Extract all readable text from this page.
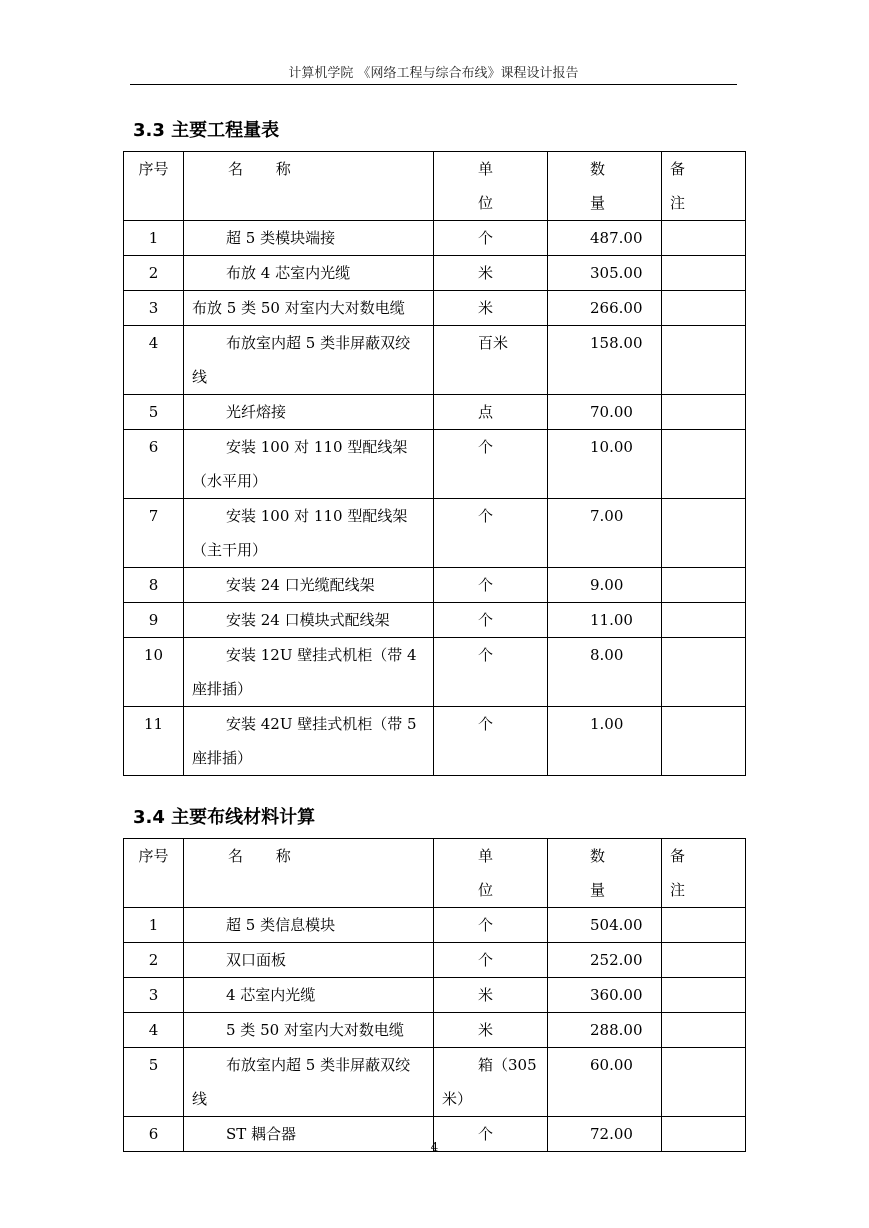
计算机学院 《网络工程与综合布线》课程设计报告
3.3 主要工程量表
序号	名 称	单 位	数 量	备 注
1	超 5 类模块端接	个	487.00	
2	布放 4 芯室内光缆	米	305.00	
3	布放 5 类 50 对室内大对数电缆	米	266.00	
4	布放室内超 5 类非屏蔽双绞线	百米	158.00	
5	光纤熔接	点	70.00	
6	安装 100 对 110 型配线架（水平用）	个	10.00	
7	安装 100 对 110 型配线架（主干用）	个	7.00	
8	安装 24 口光缆配线架	个	9.00	
9	安装 24 口模块式配线架	个	11.00	
10	安装 12U 壁挂式机柜（带 4 座排插）	个	8.00	
11	安装 42U 壁挂式机柜（带 5 座排插）	个	1.00	
3.4 主要布线材料计算
序号	名 称	单 位	数 量	备 注
1	超 5 类信息模块	个	504.00	
2	双口面板	个	252.00	
3	4 芯室内光缆	米	360.00	
4	5 类 50 对室内大对数电缆	米	288.00	
5	布放室内超 5 类非屏蔽双绞线	箱（305米）	60.00	
6	ST 耦合器	个	72.00	
4
